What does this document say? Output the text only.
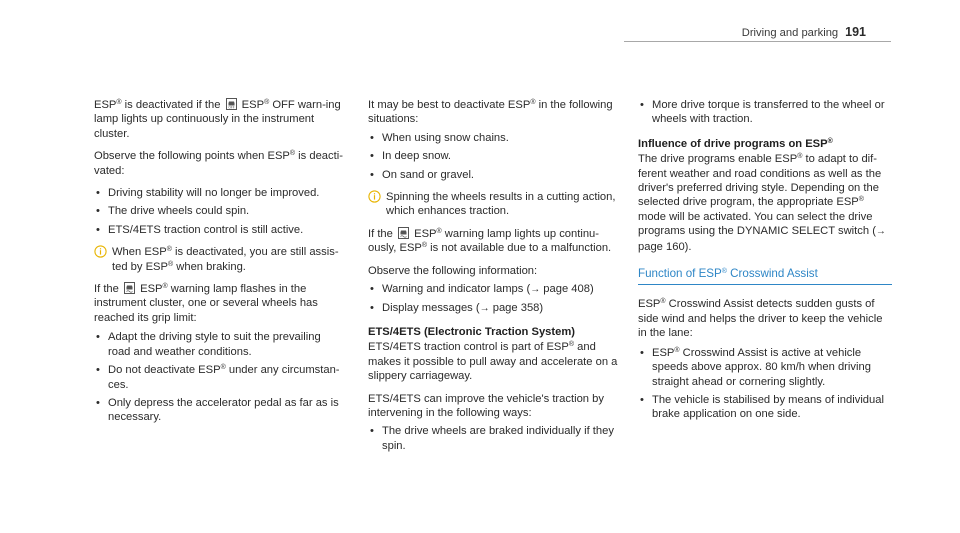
Driving and parking 191

ESP® is deactivated if the OFF ESP® OFF warn-ing lamp lights up continuously in the instrument cluster.

Observe the following points when ESP® is deacti-vated:

• Driving stability will no longer be improved.
• The drive wheels could spin.
• ETS/4ETS traction control is still active.
When ESP® is deactivated, you are still assis-ted by ESP® when braking.

If the
ESP® warning lamp flashes in the instrument cluster, one or several wheels has reached its grip limit:

• Adapt the driving style to suit the prevailing road and weather conditions.
• Do not deactivate ESP® under any circumstan-ces.
• Only depress the accelerator pedal as far as is necessary.

It may be best to deactivate ESP® in the following situations:

• When using snow chains.
• In deep snow.
• On sand or gravel.
Spinning the wheels results in a cutting action, which enhances traction.

If the
ESP® warning lamp lights up continu-ously, ESP® is not available due to a malfunction.

Observe the following information:

• Warning and indicator lamps (→ page 408)
• Display messages (→ page 358)
ETS/4ETS (Electronic Traction System)

ETS/4ETS traction control is part of ESP® and makes it possible to pull away and accelerate on a slippery carriageway.

ETS/4ETS can improve the vehicle's traction by intervening in the following ways:

• The drive wheels are braked individually if they spin.
• More drive torque is transferred to the wheel or wheels with traction.
Influence of drive programs on ESP®

The drive programs enable ESP® to adapt to dif-ferent weather and road conditions as well as the driver's preferred driving style. Depending on the selected drive program, the appropriate ESP® mode will be activated. You can select the drive programs using the DYNAMIC SELECT switch (→ page 160).

Function of ESP® Crosswind Assist

ESP® Crosswind Assist detects sudden gusts of side wind and helps the driver to keep the vehicle in the lane:

• ESP® Crosswind Assist is active at vehicle speeds above approx. 80 km/h when driving straight ahead or cornering slightly.
• The vehicle is stabilised by means of individual brake application on one side.
